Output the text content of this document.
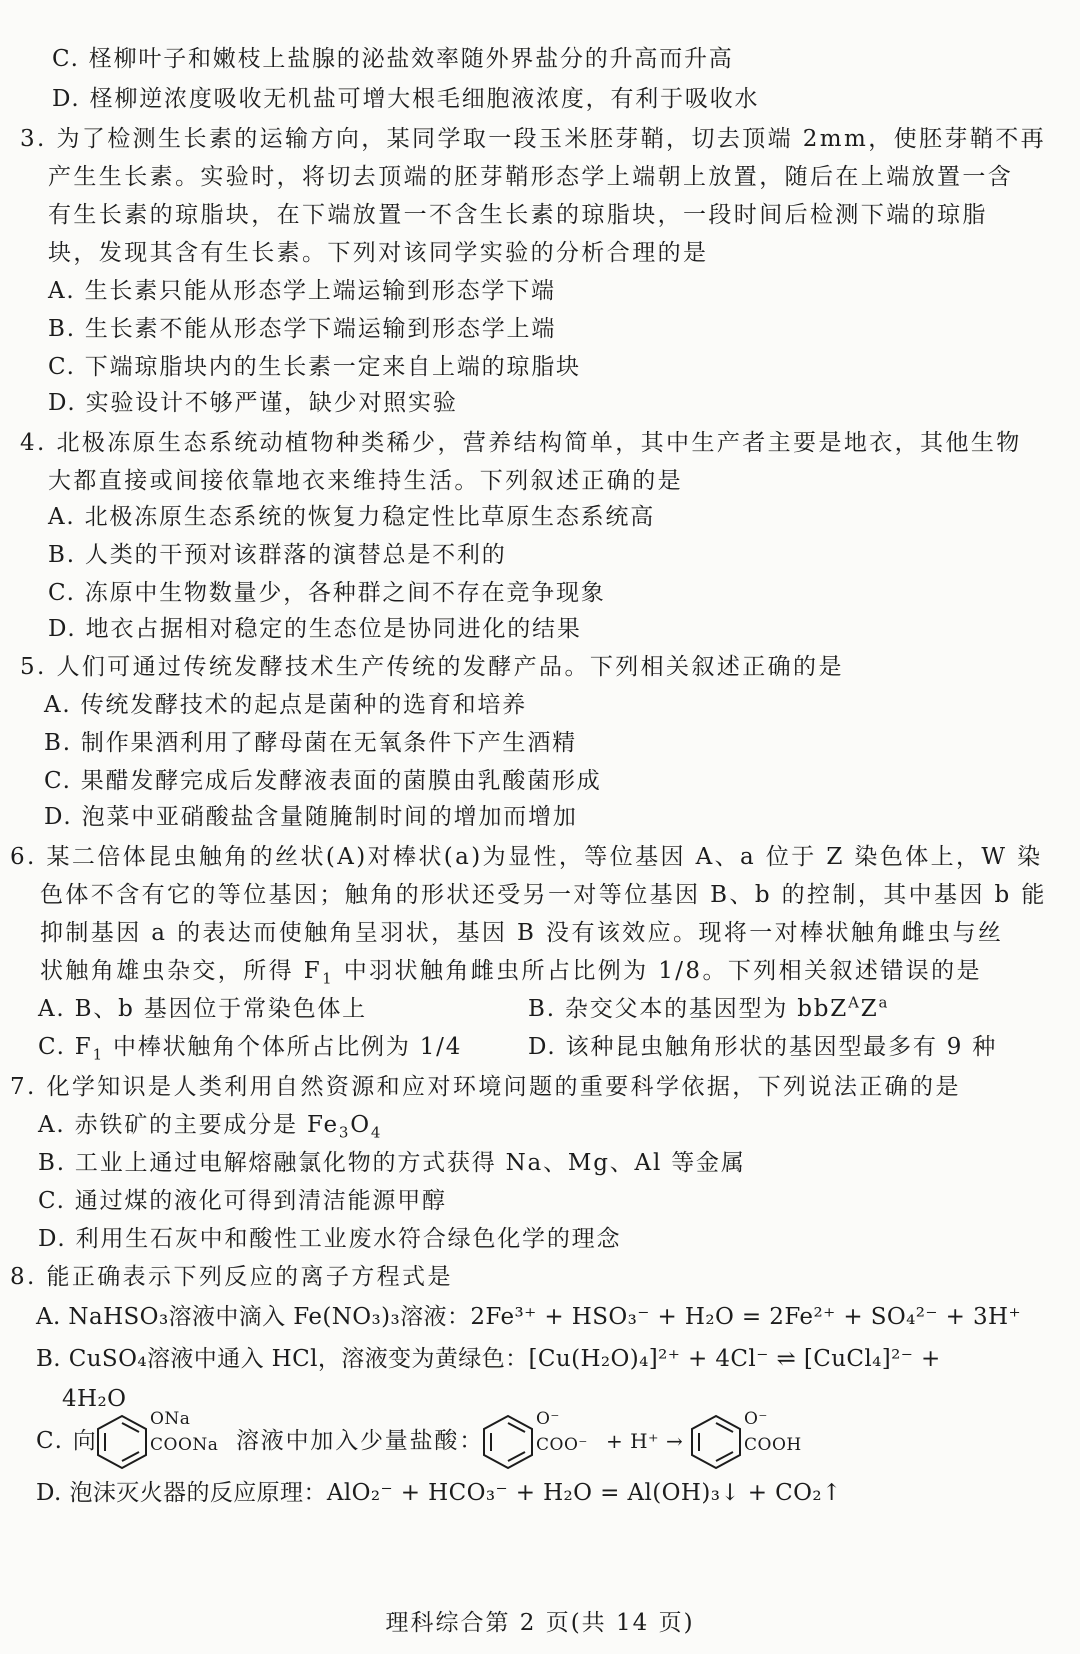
C. 柽柳叶子和嫩枝上盐腺的泌盐效率随外界盐分的升高而升高
D. 柽柳逆浓度吸收无机盐可增大根毛细胞液浓度，有利于吸收水
3. 为了检测生长素的运输方向，某同学取一段玉米胚芽鞘，切去顶端 2mm，使胚芽鞘不再
产生生长素。实验时，将切去顶端的胚芽鞘形态学上端朝上放置，随后在上端放置一含
有生长素的琼脂块，在下端放置一不含生长素的琼脂块，一段时间后检测下端的琼脂
块，发现其含有生长素。下列对该同学实验的分析合理的是
A. 生长素只能从形态学上端运输到形态学下端
B. 生长素不能从形态学下端运输到形态学上端
C. 下端琼脂块内的生长素一定来自上端的琼脂块
D. 实验设计不够严谨，缺少对照实验
4. 北极冻原生态系统动植物种类稀少，营养结构简单，其中生产者主要是地衣，其他生物
大都直接或间接依靠地衣来维持生活。下列叙述正确的是
A. 北极冻原生态系统的恢复力稳定性比草原生态系统高
B. 人类的干预对该群落的演替总是不利的
C. 冻原中生物数量少，各种群之间不存在竞争现象
D. 地衣占据相对稳定的生态位是协同进化的结果
5. 人们可通过传统发酵技术生产传统的发酵产品。下列相关叙述正确的是
A. 传统发酵技术的起点是菌种的选育和培养
B. 制作果酒利用了酵母菌在无氧条件下产生酒精
C. 果醋发酵完成后发酵液表面的菌膜由乳酸菌形成
D. 泡菜中亚硝酸盐含量随腌制时间的增加而增加
6. 某二倍体昆虫触角的丝状(A)对棒状(a)为显性，等位基因 A、a 位于 Z 染色体上，W 染
色体不含有它的等位基因；触角的形状还受另一对等位基因 B、b 的控制，其中基因 b 能
抑制基因 a 的表达而使触角呈羽状，基因 B 没有该效应。现将一对棒状触角雌虫与丝
状触角雄虫杂交，所得 $F_1$ 中羽状触角雌虫所占比例为 1/8。下列相关叙述错误的是
A. B、b 基因位于常染色体上	B. 杂交父本的基因型为 $bbZ^AZ^a$
C. $F_1$ 中棒状触角个体所占比例为 1/4	D. 该种昆虫触角形状的基因型最多有 9 种
7. 化学知识是人类利用自然资源和应对环境问题的重要科学依据，下列说法正确的是
A. 赤铁矿的主要成分是 $Fe_3O_4$
B. 工业上通过电解熔融氯化物的方式获得 Na、Mg、Al 等金属
C. 通过煤的液化可得到清洁能源甲醇
D. 利用生石灰中和酸性工业废水符合绿色化学的理念
8. 能正确表示下列反应的离子方程式是
A. NaHSO₃溶液中滴入 Fe(NO₃)₃溶液：2Fe³⁺ + HSO₃⁻ + H₂O = 2Fe²⁺ + SO₄²⁻ + 3H⁺
B. CuSO₄溶液中通入 HCl，溶液变为黄绿色：[Cu(H₂O)₄]²⁺ + 4Cl⁻ ⇌ [CuCl₄]²⁻ +
4H₂O
C. 向
ONa
COONa 溶液中加入少量盐酸：
O⁻
COO⁻ + H⁺ →
O⁻
COOH
D. 泡沫灭火器的反应原理：AlO₂⁻ + HCO₃⁻ + H₂O = Al(OH)₃↓ + CO₂↑
理科综合第 2 页(共 14 页)
